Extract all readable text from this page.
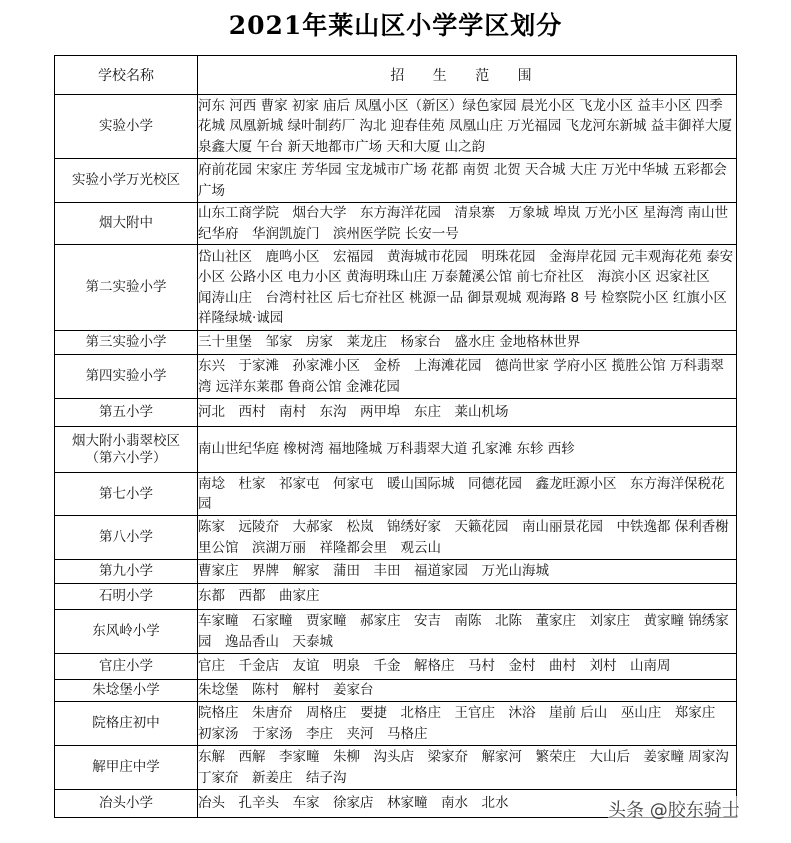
2021年莱山区小学学区划分
学校名称	招 生 范 围
实验小学	河东 河西 曹家 初家 庙后 凤凰小区（新区）绿色家园 晨光小区 飞龙小区 益丰小区 四季花城 凤凰新城 绿叶制药厂 沟北 迎春佳苑 凤凰山庄 万光福园 飞龙河东新城 益丰御祥大厦 泉鑫大厦 午台 新天地都市广场 天和大厦 山之韵
实验小学万光校区	府前花园 宋家庄 芳华园 宝龙城市广场 花都 南贺 北贺 天合城 大庄 万光中华城 五彩都会广场
烟大附中	山东工商学院　烟台大学　东方海洋花园　清泉寨　万象城 埠岚 万光小区 星海湾 南山世纪华府　华润凯旋门　滨州医学院 长安一号
第二实验小学	岱山社区　鹿鸣小区　宏福园　黄海城市花园　明珠花园　金海岸花园 元丰观海花苑 泰安小区 公路小区 电力小区 黄海明珠山庄 万泰麓溪公馆 前七夼社区　海滨小区 迟家社区　闻涛山庄　台湾村社区 后七夼社区 桃源一品 御景观城 观海路 8 号 检察院小区 红旗小区 祥隆绿城·诚园
第三实验小学	三十里堡　邹家　房家　莱龙庄　杨家台　盛水庄 金地格林世界
第四实验小学	东兴　于家滩　孙家滩小区　金桥　上海滩花园　德尚世家 学府小区 揽胜公馆 万科翡翠湾 远洋东莱郡 鲁商公馆 金滩花园
第五小学	河北　西村　南村　东沟　两甲埠　东庄　莱山机场

烟大附小翡翠校区
（第六小学）	南山世纪华庭 橡树湾 福地隆城 万科翡翠大道 孔家滩 东轸 西轸
第七小学	南埝　杜家　祁家屯　何家屯　暖山国际城　同德花园　鑫龙旺源小区　东方海洋保税花园
第八小学	陈家　远陵夼　大郝家　松岚　锦绣好家　天籁花园　南山丽景花园　中铁逸都 保利香榭里公馆　滨湖万丽　祥隆都会里　观云山
第九小学	曹家庄　界牌　解家　蒲田　丰田　福道家园　万光山海城
石明小学	东都　西都　曲家庄
东风岭小学	车家疃　石家疃　贾家疃　郝家庄　安吉　南陈　北陈　董家庄　刘家庄　黄家疃 锦绣家园　逸品香山　天泰城
官庄小学	官庄　千金店　友谊　明泉　千金　解格庄　马村　金村　曲村　刘村　山南周
朱埝堡小学	朱埝堡　陈村　解村　姜家台
院格庄初中	院格庄　朱唐夼　周格庄　要捷　北格庄　王官庄　沐浴　崖前 后山　巫山庄　郑家庄　初家汤　于家汤　李庄　夹河　马格庄
解甲庄中学	东解　西解　李家疃　朱柳　沟头店　梁家夼　解家河　繁荣庄　大山后　姜家疃 周家沟　丁家夼　新姜庄　结子沟
冶头小学	冶头　孔辛头　车家　徐家店　林家疃　南水　北水	头条 @胶东骑士
